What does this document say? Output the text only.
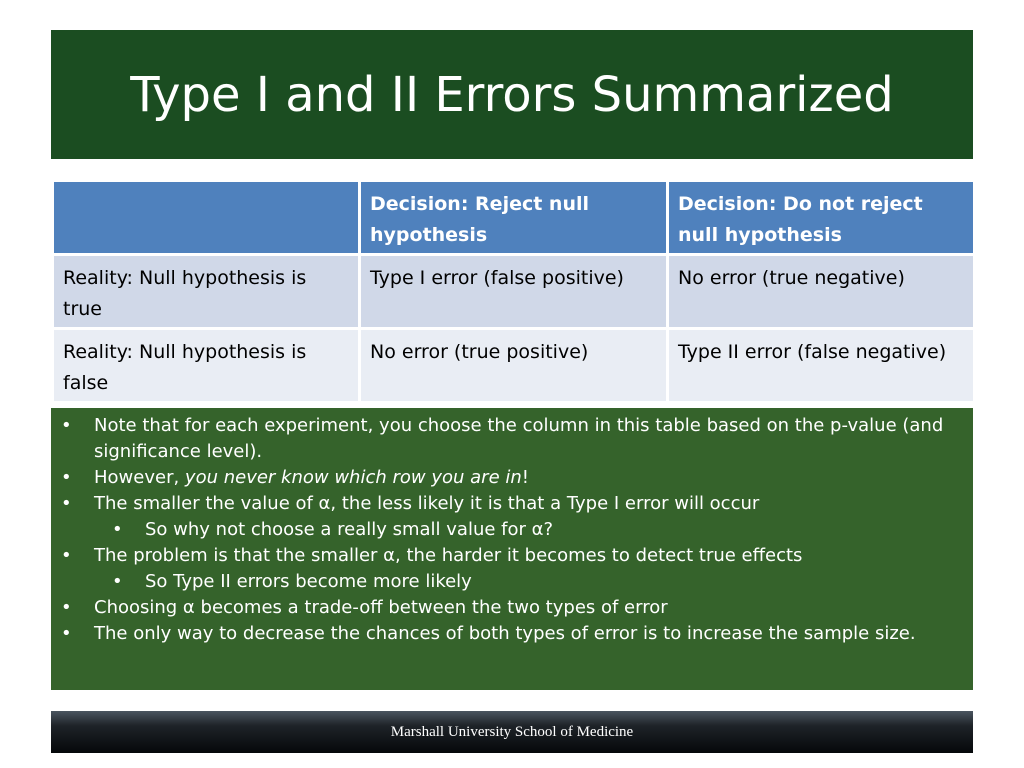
Type I and II Errors Summarized
	Decision: Reject null hypothesis	Decision: Do not reject null hypothesis
Reality: Null hypothesis is true	Type I error (false positive)	No error (true negative)
Reality: Null hypothesis is false	No error (true positive)	Type II error (false negative)
•	Note that for each experiment, you choose the column in this table based on the p-value (and significance level).
•	However, you never know which row you are in!
•	The smaller the value of α, the less likely it is that a Type I error will occur
•	So why not choose a really small value for α?
•	The problem is that the smaller α, the harder it becomes to detect true effects
•	So Type II errors become more likely
•	Choosing α becomes a trade-off between the two types of error
•	The only way to decrease the chances of both types of error is to increase the sample size.
Marshall University School of Medicine
